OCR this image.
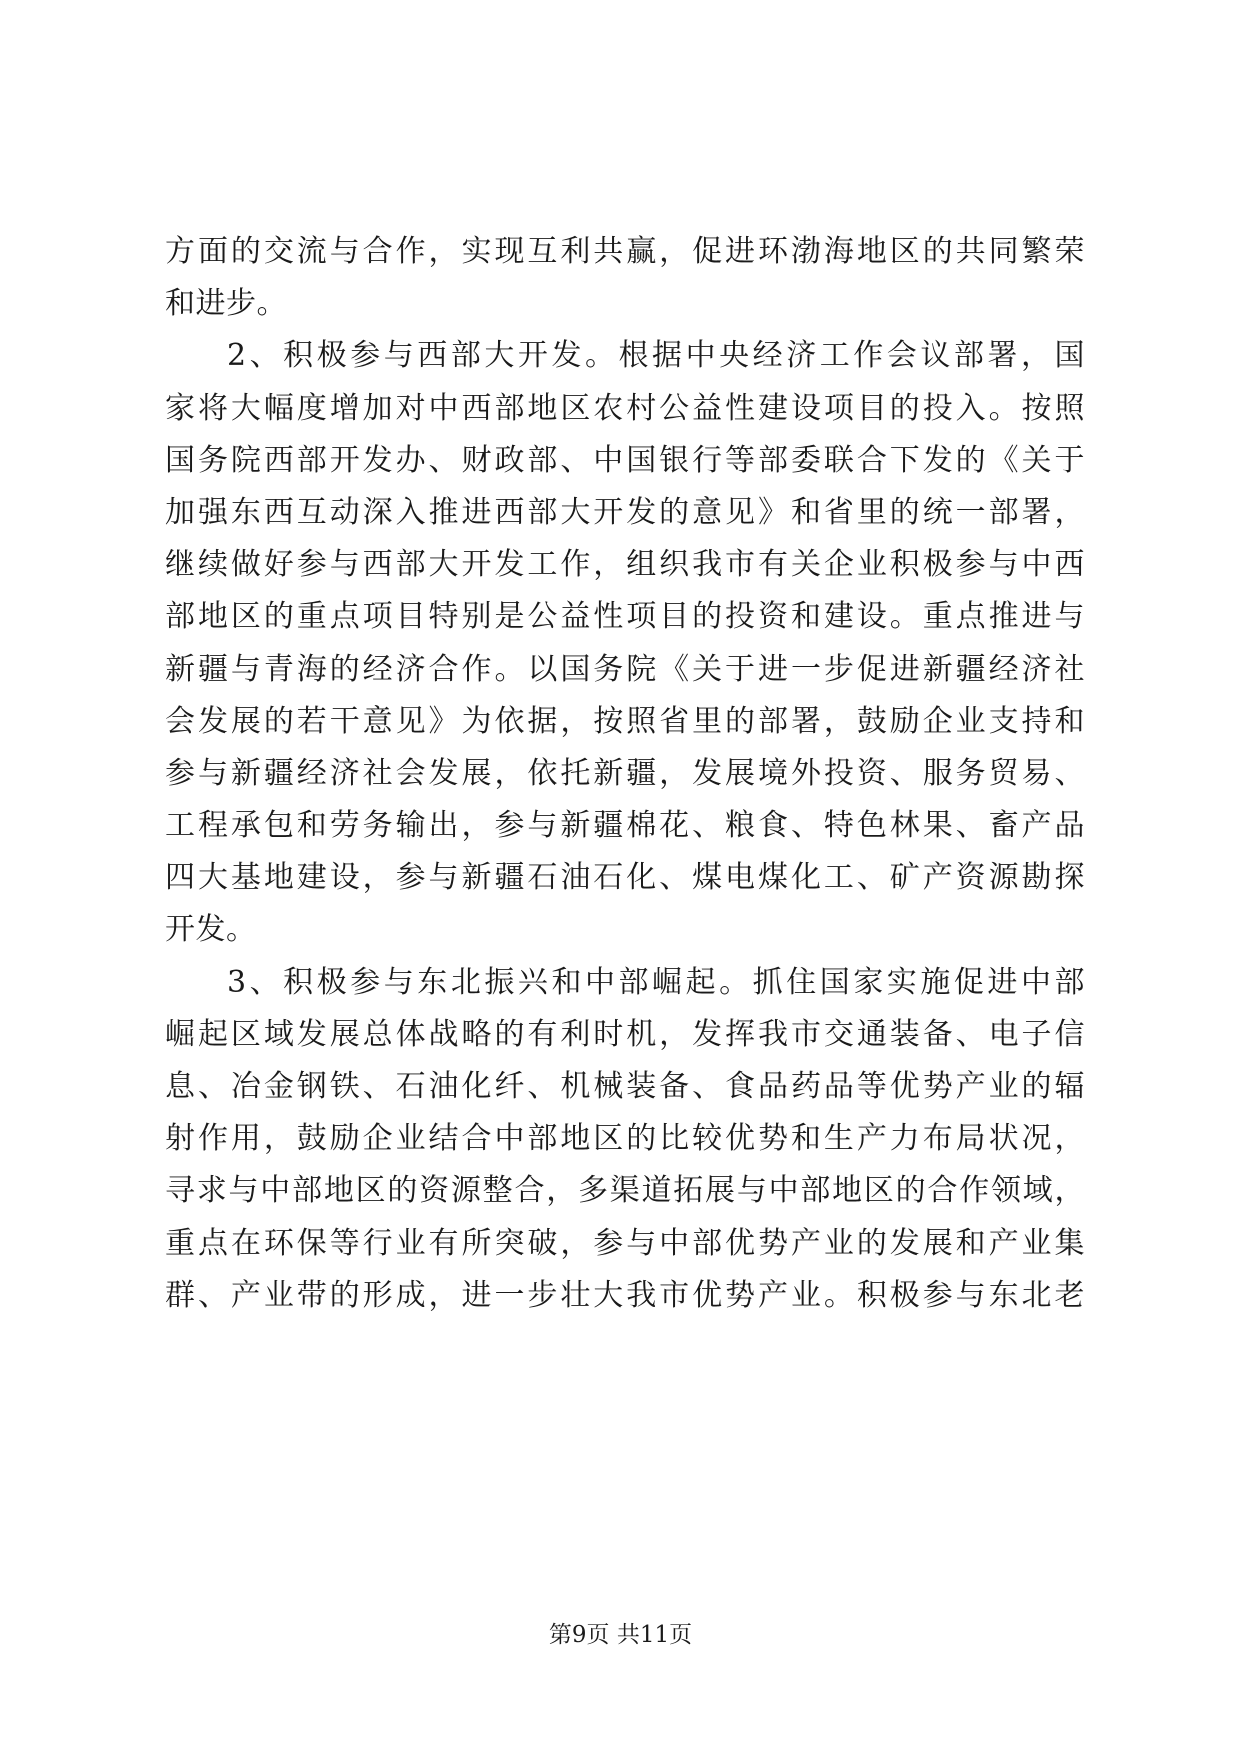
方面的交流与合作，实现互利共赢，促进环渤海地区的共同繁荣
和进步。
2、积极参与西部大开发。根据中央经济工作会议部署，国
家将大幅度增加对中西部地区农村公益性建设项目的投入。按照
国务院西部开发办、财政部、中国银行等部委联合下发的《关于
加强东西互动深入推进西部大开发的意见》和省里的统一部署，
继续做好参与西部大开发工作，组织我市有关企业积极参与中西
部地区的重点项目特别是公益性项目的投资和建设。重点推进与
新疆与青海的经济合作。以国务院《关于进一步促进新疆经济社
会发展的若干意见》为依据，按照省里的部署，鼓励企业支持和
参与新疆经济社会发展，依托新疆，发展境外投资、服务贸易、
工程承包和劳务输出，参与新疆棉花、粮食、特色林果、畜产品
四大基地建设，参与新疆石油石化、煤电煤化工、矿产资源勘探
开发。
3、积极参与东北振兴和中部崛起。抓住国家实施促进中部
崛起区域发展总体战略的有利时机，发挥我市交通装备、电子信
息、冶金钢铁、石油化纤、机械装备、食品药品等优势产业的辐
射作用，鼓励企业结合中部地区的比较优势和生产力布局状况，
寻求与中部地区的资源整合，多渠道拓展与中部地区的合作领域，
重点在环保等行业有所突破，参与中部优势产业的发展和产业集
群、产业带的形成，进一步壮大我市优势产业。积极参与东北老
第9页 共11页
